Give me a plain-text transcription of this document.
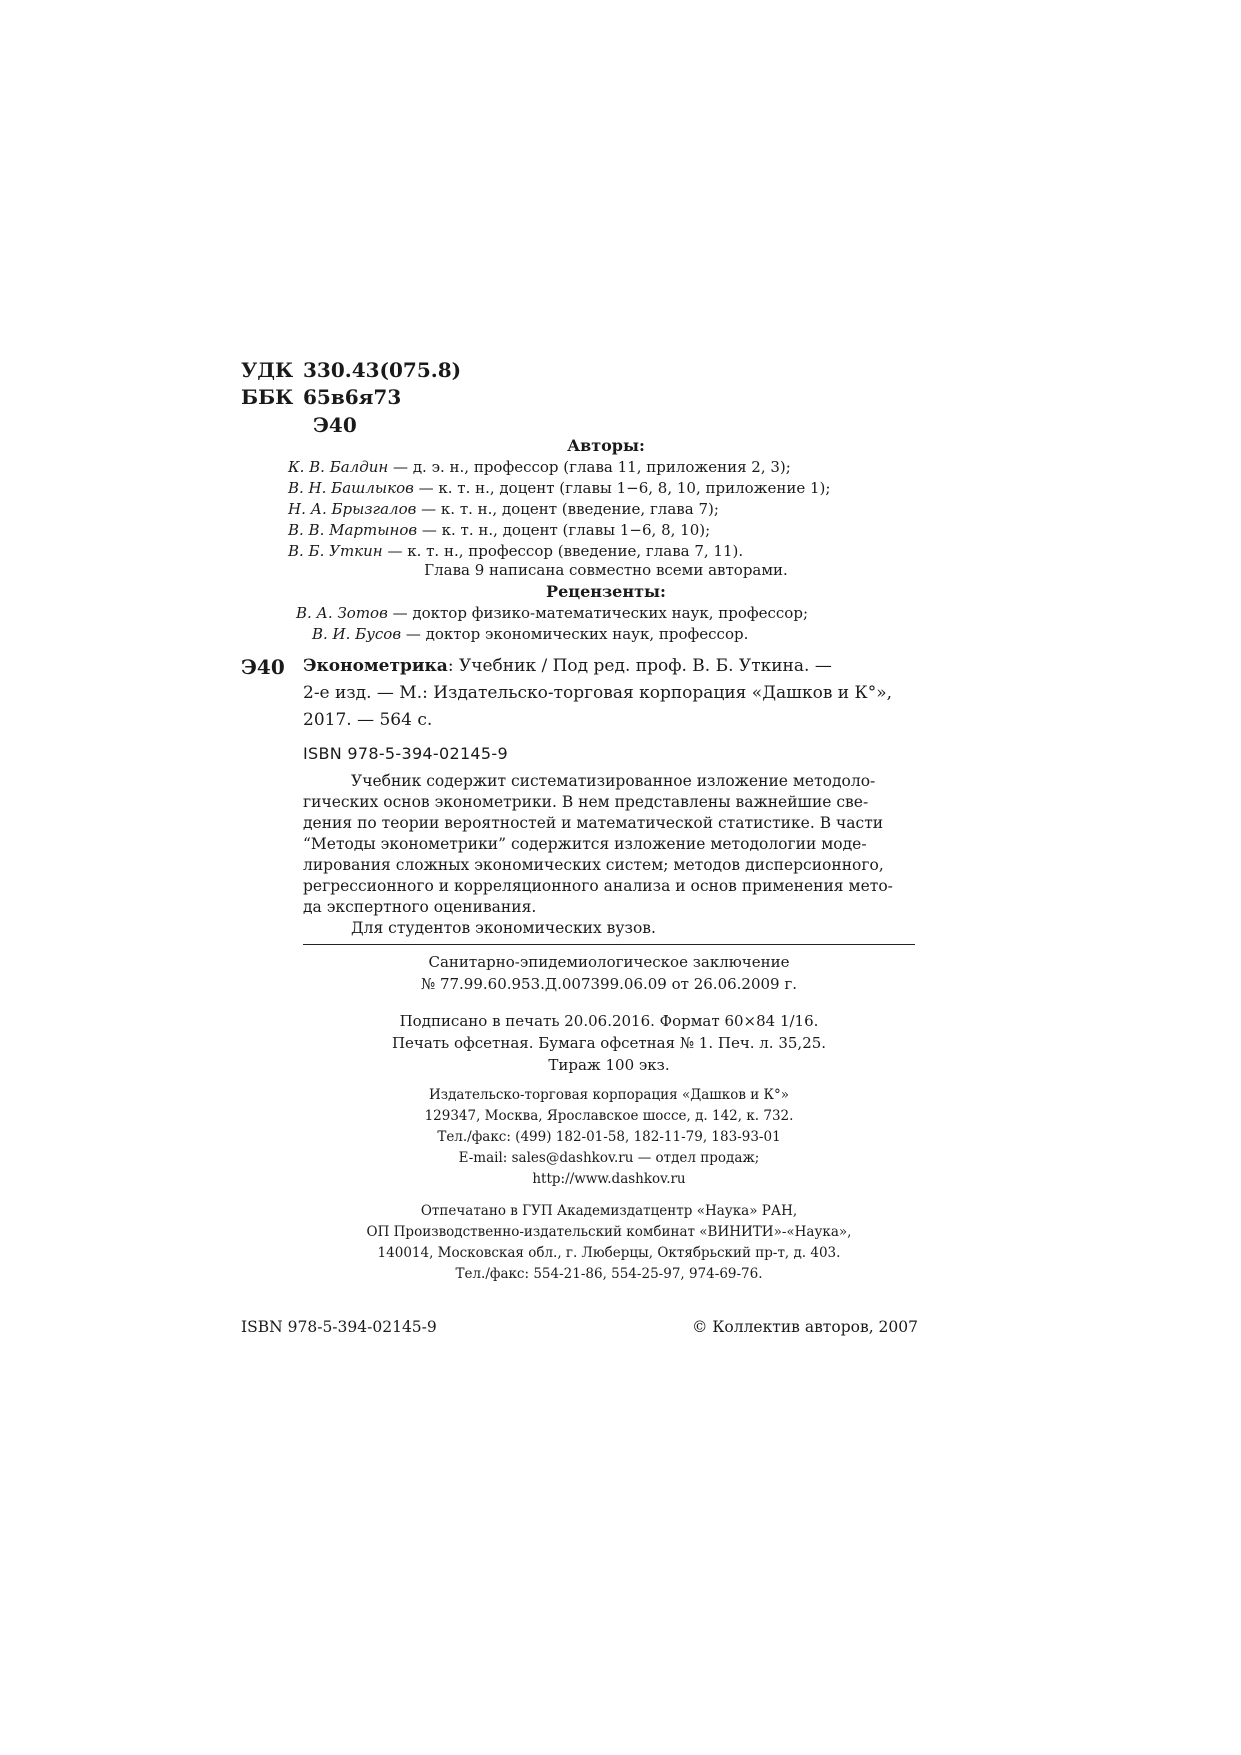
УДК 330.43(075.8)
ББК 65в6я73
Э40
Авторы:
К. В. Балдин — д. э. н., профессор (глава 11, приложения 2, 3);
В. Н. Башлыков — к. т. н., доцент (главы 1−6, 8, 10, приложение 1);
Н. А. Брызгалов — к. т. н., доцент (введение, глава 7);
В. В. Мартынов — к. т. н., доцент (главы 1−6, 8, 10);
В. Б. Уткин — к. т. н., профессор (введение, глава 7, 11).
Глава 9 написана совместно всеми авторами.
Рецензенты:
В. А. Зотов — доктор физико-математических наук, профессор;
В. И. Бусов — доктор экономических наук, профессор.
Э40 Эконометрика: Учебник / Под ред. проф. В. Б. Уткина. —
2-е изд. — М.: Издательско-торговая корпорация «Дашков и К°»,
2017. — 564 с.
ISBN 978-5-394-02145-9
Учебник содержит систематизированное изложение методоло-
гических основ эконометрики. В нем представлены важнейшие све-
дения по теории вероятностей и математической статистике. В части
“Методы эконометрики” содержится изложение методологии моде-
лирования сложных экономических систем; методов дисперсионного,
регрессионного и корреляционного анализа и основ применения мето-
да экспертного оценивания.
Для студентов экономических вузов.
Санитарно-эпидемиологическое заключение
№ 77.99.60.953.Д.007399.06.09 от 26.06.2009 г.
Подписано в печать 20.06.2016. Формат 60×84 1/16.
Печать офсетная. Бумага офсетная № 1. Печ. л. 35,25.
Тираж 100 экз.
Издательско-торговая корпорация «Дашков и К°»
129347, Москва, Ярославское шоссе, д. 142, к. 732.
Тел./факс: (499) 182-01-58, 182-11-79, 183-93-01
E-mail: sales@dashkov.ru — отдел продаж;
http://www.dashkov.ru
Отпечатано в ГУП Академиздатцентр «Наука» РАН,
ОП Производственно-издательский комбинат «ВИНИТИ»-«Наука»,
140014, Московская обл., г. Люберцы, Октябрьский пр-т, д. 403.
Тел./факс: 554-21-86, 554-25-97, 974-69-76.
ISBN 978-5-394-02145-9	© Коллектив авторов, 2007
